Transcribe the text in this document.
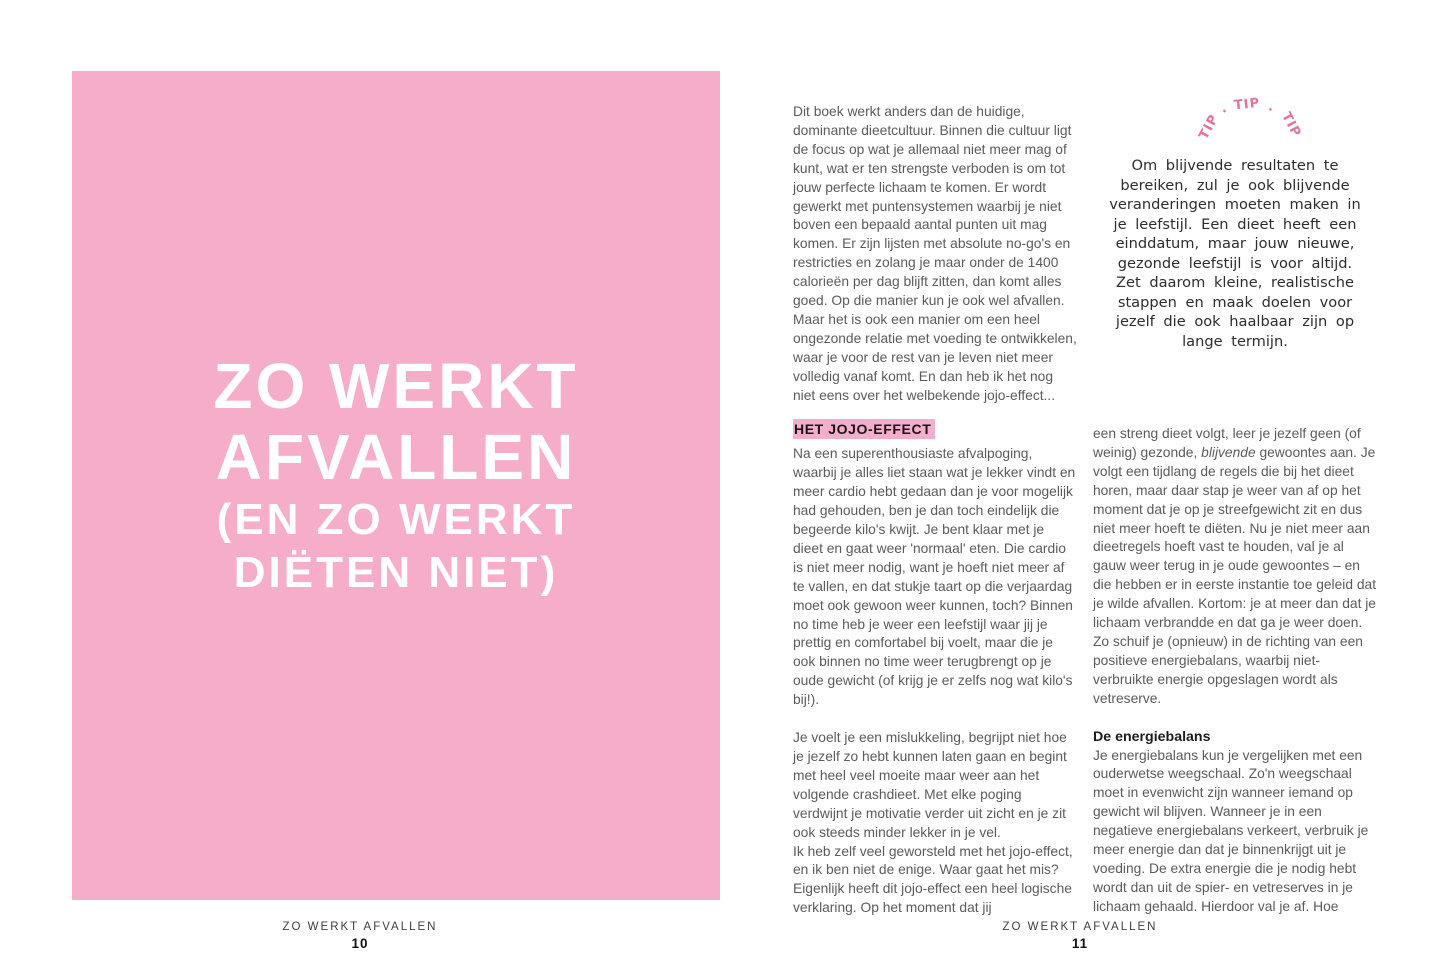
ZO WERKT
AFVALLEN
(EN ZO WERKT
DIËTEN NIET)

Dit boek werkt anders dan de huidige, dominante dieetcultuur. Binnen die cultuur ligt de focus op wat je allemaal niet meer mag of kunt, wat er ten strengste verboden is om tot jouw perfecte lichaam te komen. Er wordt gewerkt met puntensystemen waarbij je niet boven een bepaald aantal punten uit mag komen. Er zijn lijsten met absolute no-go's en restricties en zolang je maar onder de 1400 calorieën per dag blijft zitten, dan komt alles goed. Op die manier kun je ook wel afvallen. Maar het is ook een manier om een heel ongezonde relatie met voeding te ontwikkelen, waar je voor de rest van je leven niet meer volledig vanaf komt. En dan heb ik het nog niet eens over het welbekende jojo-effect...

HET JOJO-EFFECT

Na een superenthousiaste afvalpoging, waarbij je alles liet staan wat je lekker vindt en meer cardio hebt gedaan dan je voor mogelijk had gehouden, ben je dan toch eindelijk die begeerde kilo's kwijt. Je bent klaar met je dieet en gaat weer 'normaal' eten. Die cardio is niet meer nodig, want je hoeft niet meer af te vallen, en dat stukje taart op die verjaardag moet ook gewoon weer kunnen, toch? Binnen no time heb je weer een leefstijl waar jij je prettig en comfortabel bij voelt, maar die je ook binnen no time weer terugbrengt op je oude gewicht (of krijg je er zelfs nog wat kilo's bij!).

Je voelt je een mislukkeling, begrijpt niet hoe je jezelf zo hebt kunnen laten gaan en begint met heel veel moeite maar weer aan het volgende crashdieet. Met elke poging verdwijnt je motivatie verder uit zicht en je zit ook steeds minder lekker in je vel.

Ik heb zelf veel geworsteld met het jojo-effect, en ik ben niet de enige. Waar gaat het mis? Eigenlijk heeft dit jojo-effect een heel logische verklaring. Op het moment dat jij

TIP
· TIP · TIP
Om blijvende resultaten te bereiken, zul je ook blijvende veranderingen moeten maken in je leefstijl. Een dieet heeft een einddatum, maar jouw nieuwe, gezonde leefstijl is voor altijd. Zet daarom kleine, realistische stappen en maak doelen voor jezelf die ook haalbaar zijn op lange termijn.

een streng dieet volgt, leer je jezelf geen (of weinig) gezonde, blijvende gewoontes aan. Je volgt een tijdlang de regels die bij het dieet horen, maar daar stap je weer van af op het moment dat je op je streefgewicht zit en dus niet meer hoeft te diëten. Nu je niet meer aan dieetregels hoeft vast te houden, val je al gauw weer terug in je oude gewoontes – en die hebben er in eerste instantie toe geleid dat je wilde afvallen. Kortom: je at meer dan dat je lichaam verbrandde en dat ga je weer doen. Zo schuif je (opnieuw) in de richting van een positieve energiebalans, waarbij niet-verbruikte energie opgeslagen wordt als vetreserve.

De energiebalans

Je energiebalans kun je vergelijken met een ouderwetse weegschaal. Zo'n weegschaal moet in evenwicht zijn wanneer iemand op gewicht wil blijven. Wanneer je in een negatieve energiebalans verkeert, verbruik je meer energie dan dat je binnenkrijgt uit je voeding. De extra energie die je nodig hebt wordt dan uit de spier- en vetreserves in je lichaam gehaald. Hierdoor val je af. Hoe

ZO WERKT AFVALLEN
10
ZO WERKT AFVALLEN
11
